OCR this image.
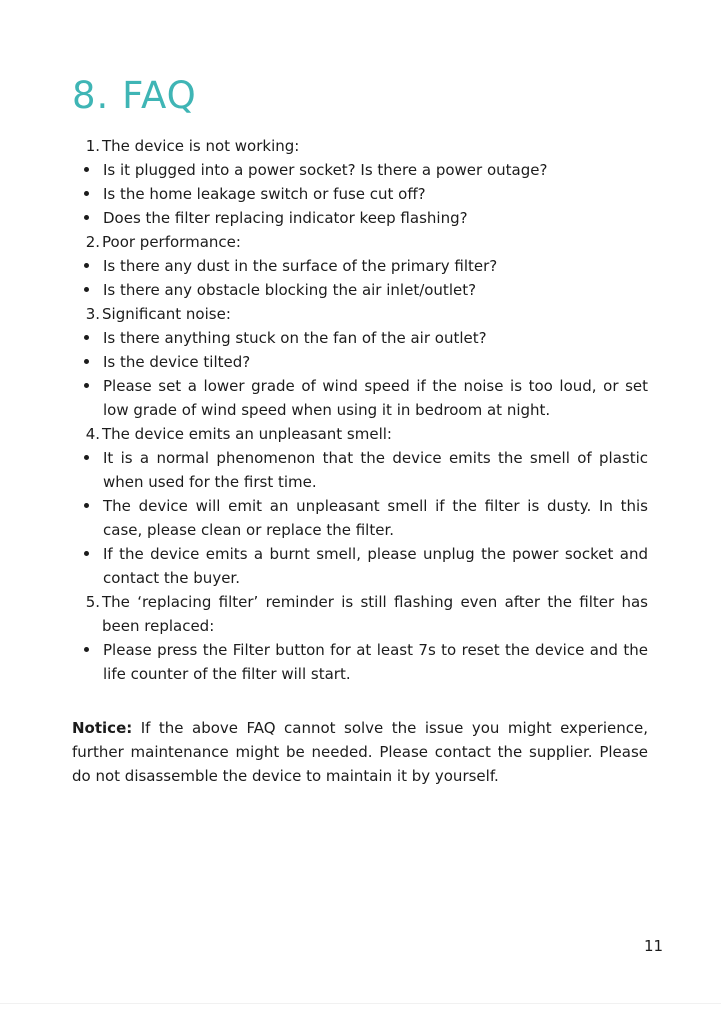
8. FAQ

1. The device is not working:

Is it plugged into a power socket? Is there a power outage?

Is the home leakage switch or fuse cut off?

Does the filter replacing indicator keep flashing?

2. Poor performance:

Is there any dust in the surface of the primary filter?

Is there any obstacle blocking the air inlet/outlet?

3. Significant noise:

Is there anything stuck on the fan of the air outlet?

Is the device tilted?

Please set a lower grade of wind speed if the noise is too loud, or set low grade of wind speed when using it in bedroom at night.

4. The device emits an unpleasant smell:

It is a normal phenomenon that the device emits the smell of plastic when used for the first time.

The device will emit an unpleasant smell if the filter is dusty. In this case, please clean or replace the filter.

If the device emits a burnt smell, please unplug the power socket and contact the buyer.

5. The ‘replacing filter’ reminder is still flashing even after the filter has been replaced:

Please press the Filter button for at least 7s to reset the device and the life counter of the filter will start.

Notice: If the above FAQ cannot solve the issue you might experience, further maintenance might be needed. Please contact the supplier. Please do not disassemble the device to maintain it by yourself.

11
